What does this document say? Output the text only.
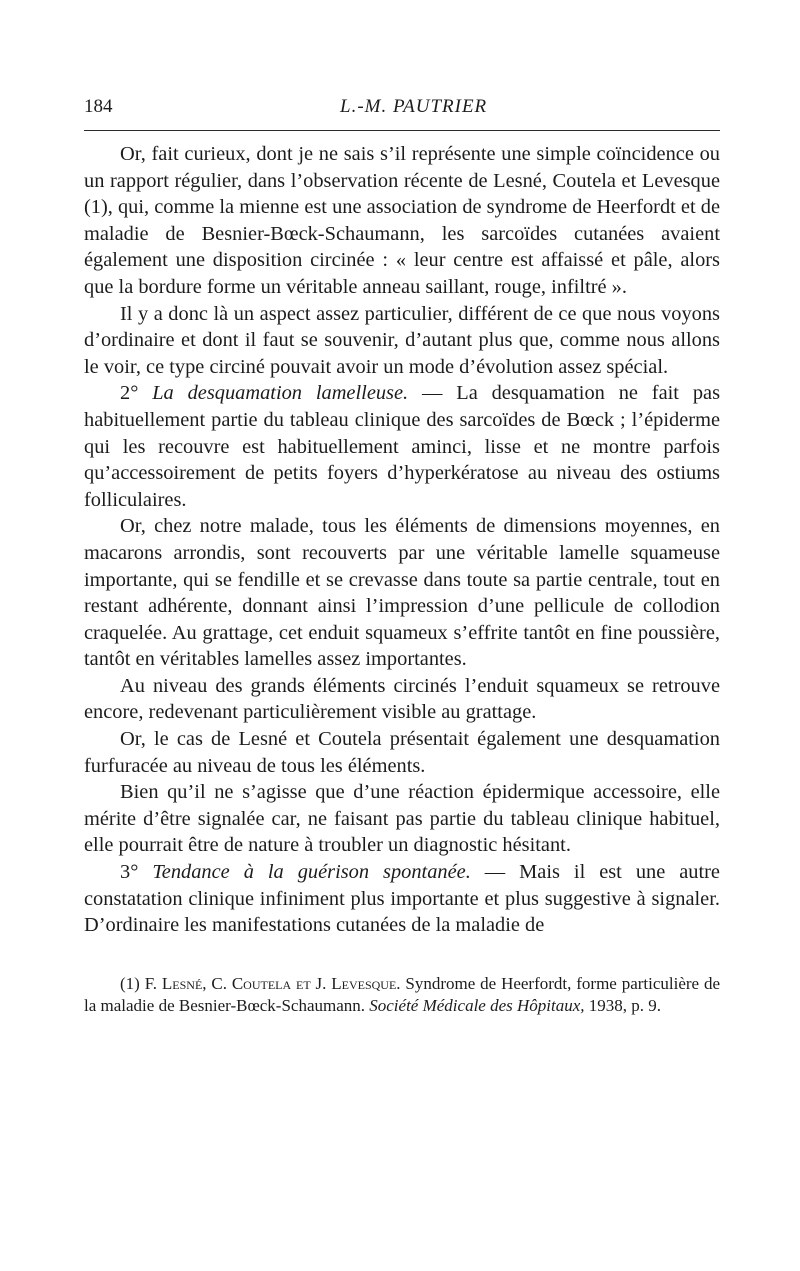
184	L.-M. PAUTRIER

Or, fait curieux, dont je ne sais s’il représente une simple coïncidence ou un rapport régulier, dans l’observation récente de Lesné, Coutela et Levesque (1), qui, comme la mienne est une association de syndrome de Heerfordt et de maladie de Besnier-Bœck-Schaumann, les sarcoïdes cutanées avaient également une disposition circinée : « leur centre est affaissé et pâle, alors que la bordure forme un véritable anneau saillant, rouge, infiltré ».

Il y a donc là un aspect assez particulier, différent de ce que nous voyons d’ordinaire et dont il faut se souvenir, d’autant plus que, comme nous allons le voir, ce type circiné pouvait avoir un mode d’évolution assez spécial.

2° La desquamation lamelleuse. — La desquamation ne fait pas habituellement partie du tableau clinique des sarcoïdes de Bœck ; l’épiderme qui les recouvre est habituellement aminci, lisse et ne montre parfois qu’accessoirement de petits foyers d’hyperkératose au niveau des ostiums folliculaires.

Or, chez notre malade, tous les éléments de dimensions moyennes, en macarons arrondis, sont recouverts par une véritable lamelle squameuse importante, qui se fendille et se crevasse dans toute sa partie centrale, tout en restant adhérente, donnant ainsi l’impression d’une pellicule de collodion craquelée. Au grattage, cet enduit squameux s’effrite tantôt en fine poussière, tantôt en véritables lamelles assez importantes.

Au niveau des grands éléments circinés l’enduit squameux se retrouve encore, redevenant particulièrement visible au grattage.

Or, le cas de Lesné et Coutela présentait également une desquamation furfuracée au niveau de tous les éléments.

Bien qu’il ne s’agisse que d’une réaction épidermique accessoire, elle mérite d’être signalée car, ne faisant pas partie du tableau clinique habituel, elle pourrait être de nature à troubler un diagnostic hésitant.

3° Tendance à la guérison spontanée. — Mais il est une autre constatation clinique infiniment plus importante et plus suggestive à signaler. D’ordinaire les manifestations cutanées de la maladie de

(1) F. Lesné, C. Coutela et J. Levesque. Syndrome de Heerfordt, forme particulière de la maladie de Besnier-Bœck-Schaumann. Société Médicale des Hôpitaux, 1938, p. 9.
